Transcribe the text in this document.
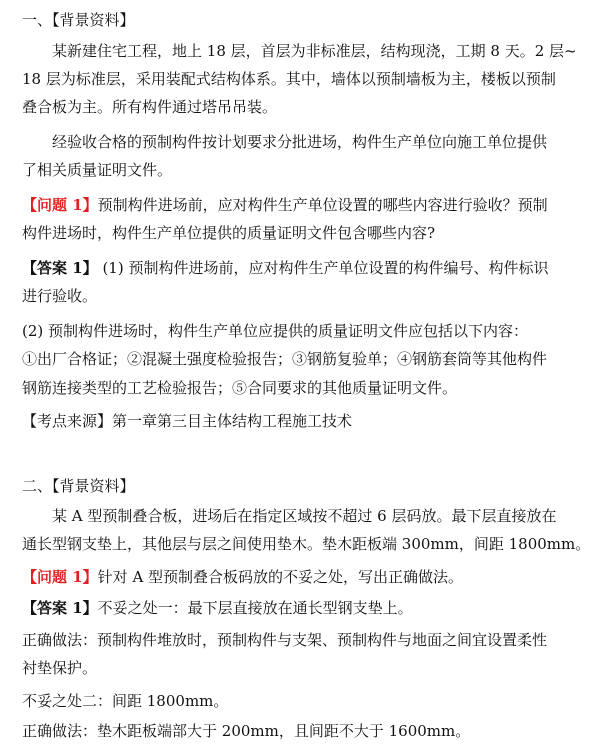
一、【背景资料】
某新建住宅工程，地上 18 层，首层为非标准层，结构现浇，工期 8 天。2 层~
18 层为标准层，采用装配式结构体系。其中，墙体以预制墙板为主，楼板以预制
叠合板为主。所有构件通过塔吊吊装。
经验收合格的预制构件按计划要求分批进场，构件生产单位向施工单位提供
了相关质量证明文件。
【问题 1】预制构件进场前，应对构件生产单位设置的哪些内容进行验收？预制
构件进场时，构件生产单位提供的质量证明文件包含哪些内容?
【答案 1】 (1) 预制构件进场前，应对构件生产单位设置的构件编号、构件标识
进行验收。
(2) 预制构件进场时，构件生产单位应提供的质量证明文件应包括以下内容：
①出厂合格证；②混凝土强度检验报告；③钢筋复验单；④钢筋套筒等其他构件
钢筋连接类型的工艺检验报告；⑤合同要求的其他质量证明文件。
【考点来源】第一章第三目主体结构工程施工技术
二、【背景资料】
某 A 型预制叠合板，进场后在指定区域按不超过 6 层码放。最下层直接放在
通长型钢支垫上，其他层与层之间使用垫木。垫木距板端 300mm，间距 1800mm。
【问题 1】针对 A 型预制叠合板码放的不妥之处，写出正确做法。
【答案 1】不妥之处一：最下层直接放在通长型钢支垫上。
正确做法：预制构件堆放时，预制构件与支架、预制构件与地面之间宜设置柔性
衬垫保护。
不妥之处二：间距 1800mm。
正确做法：垫木距板端部大于 200mm，且间距不大于 1600mm。
